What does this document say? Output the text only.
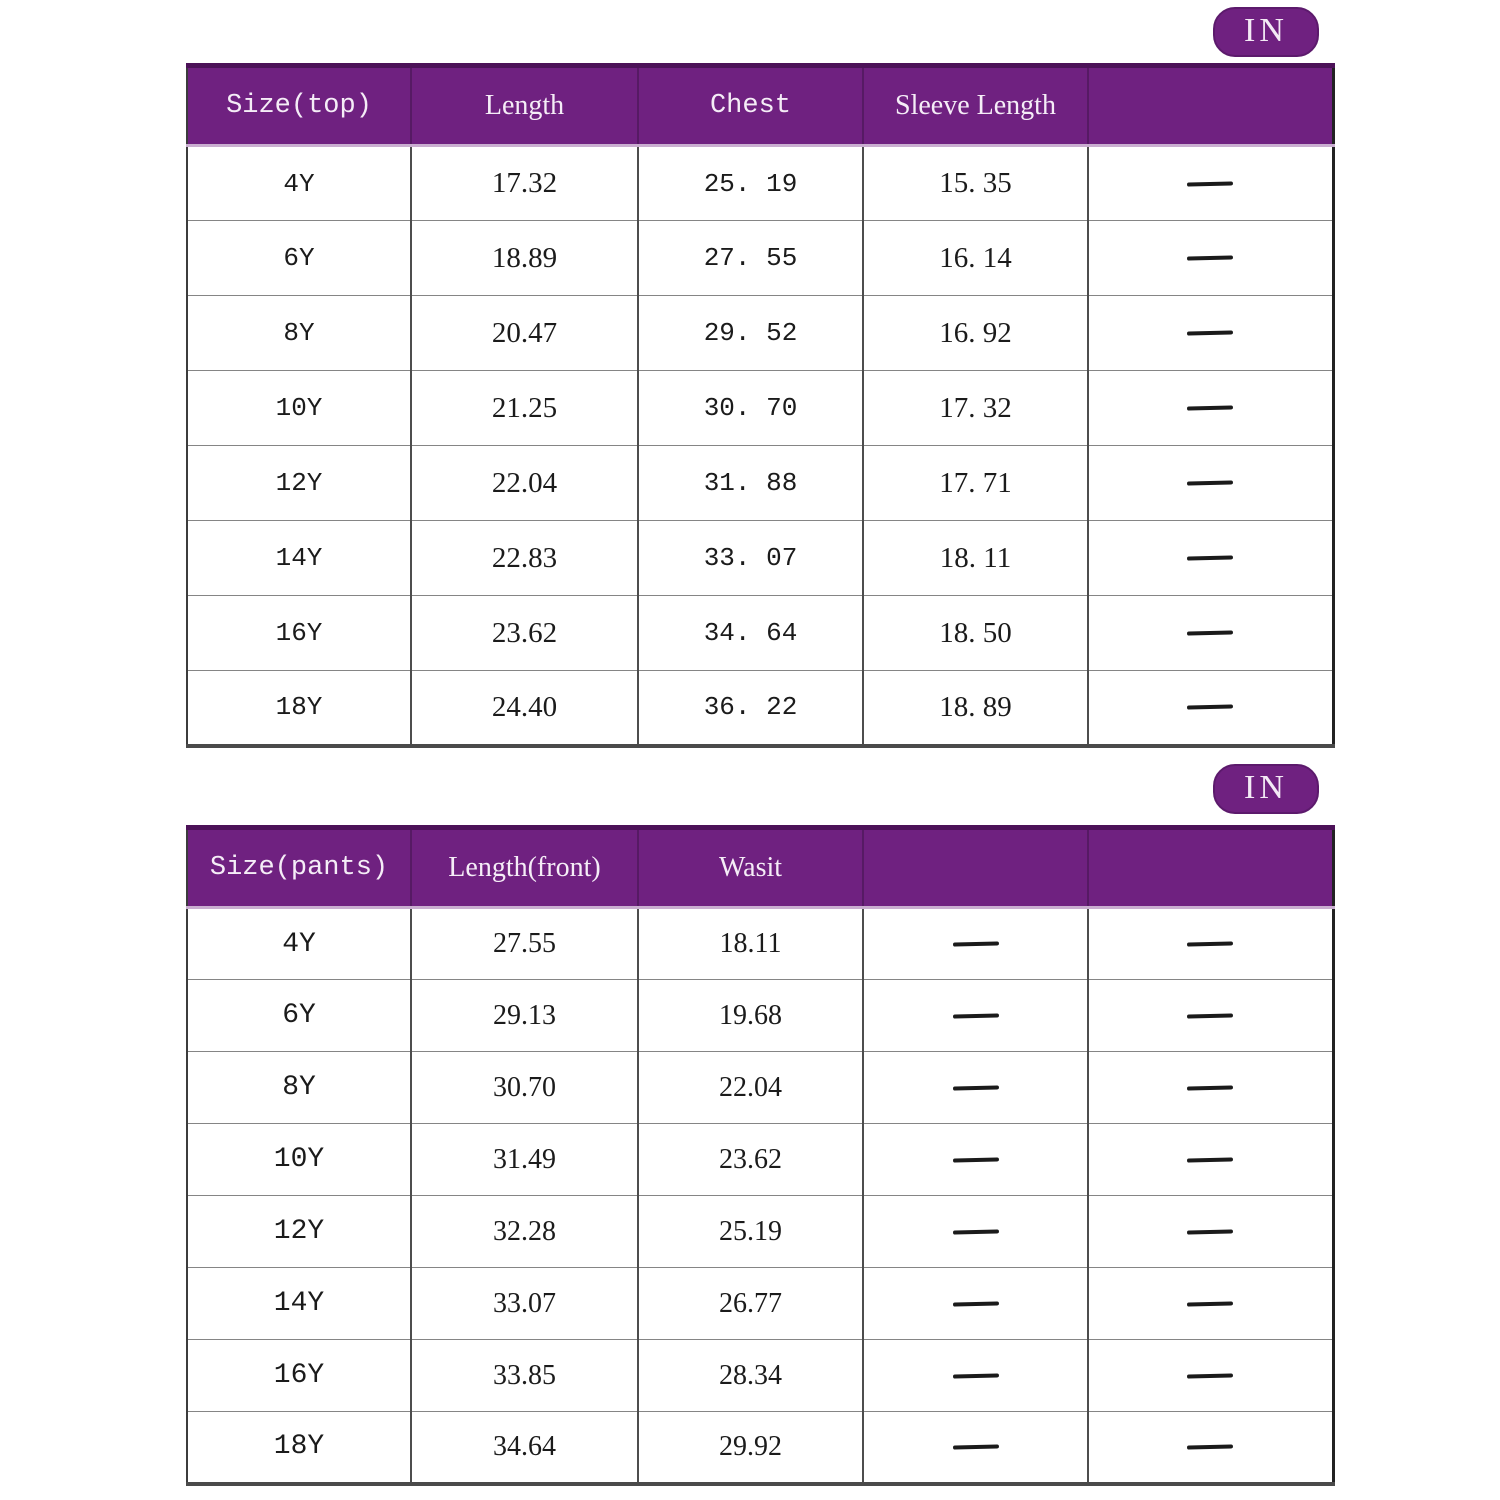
IN
Size(top)	Length	Chest	Sleeve Length	
4Y	17.32	25. 19	15. 35	

6Y	18.89	27. 55	16. 14	

8Y	20.47	29. 52	16. 92	

10Y	21.25	30. 70	17. 32	

12Y	22.04	31. 88	17. 71	

14Y	22.83	33. 07	18. 11	

16Y	23.62	34. 64	18. 50	

18Y	24.40	36. 22	18. 89	
IN
Size(pants)	Length(front)	Wasit		
4Y	27.55	18.11	

6Y	29.13	19.68	

8Y	30.70	22.04	

10Y	31.49	23.62	

12Y	32.28	25.19	

14Y	33.07	26.77	

16Y	33.85	28.34	

18Y	34.64	29.92	
